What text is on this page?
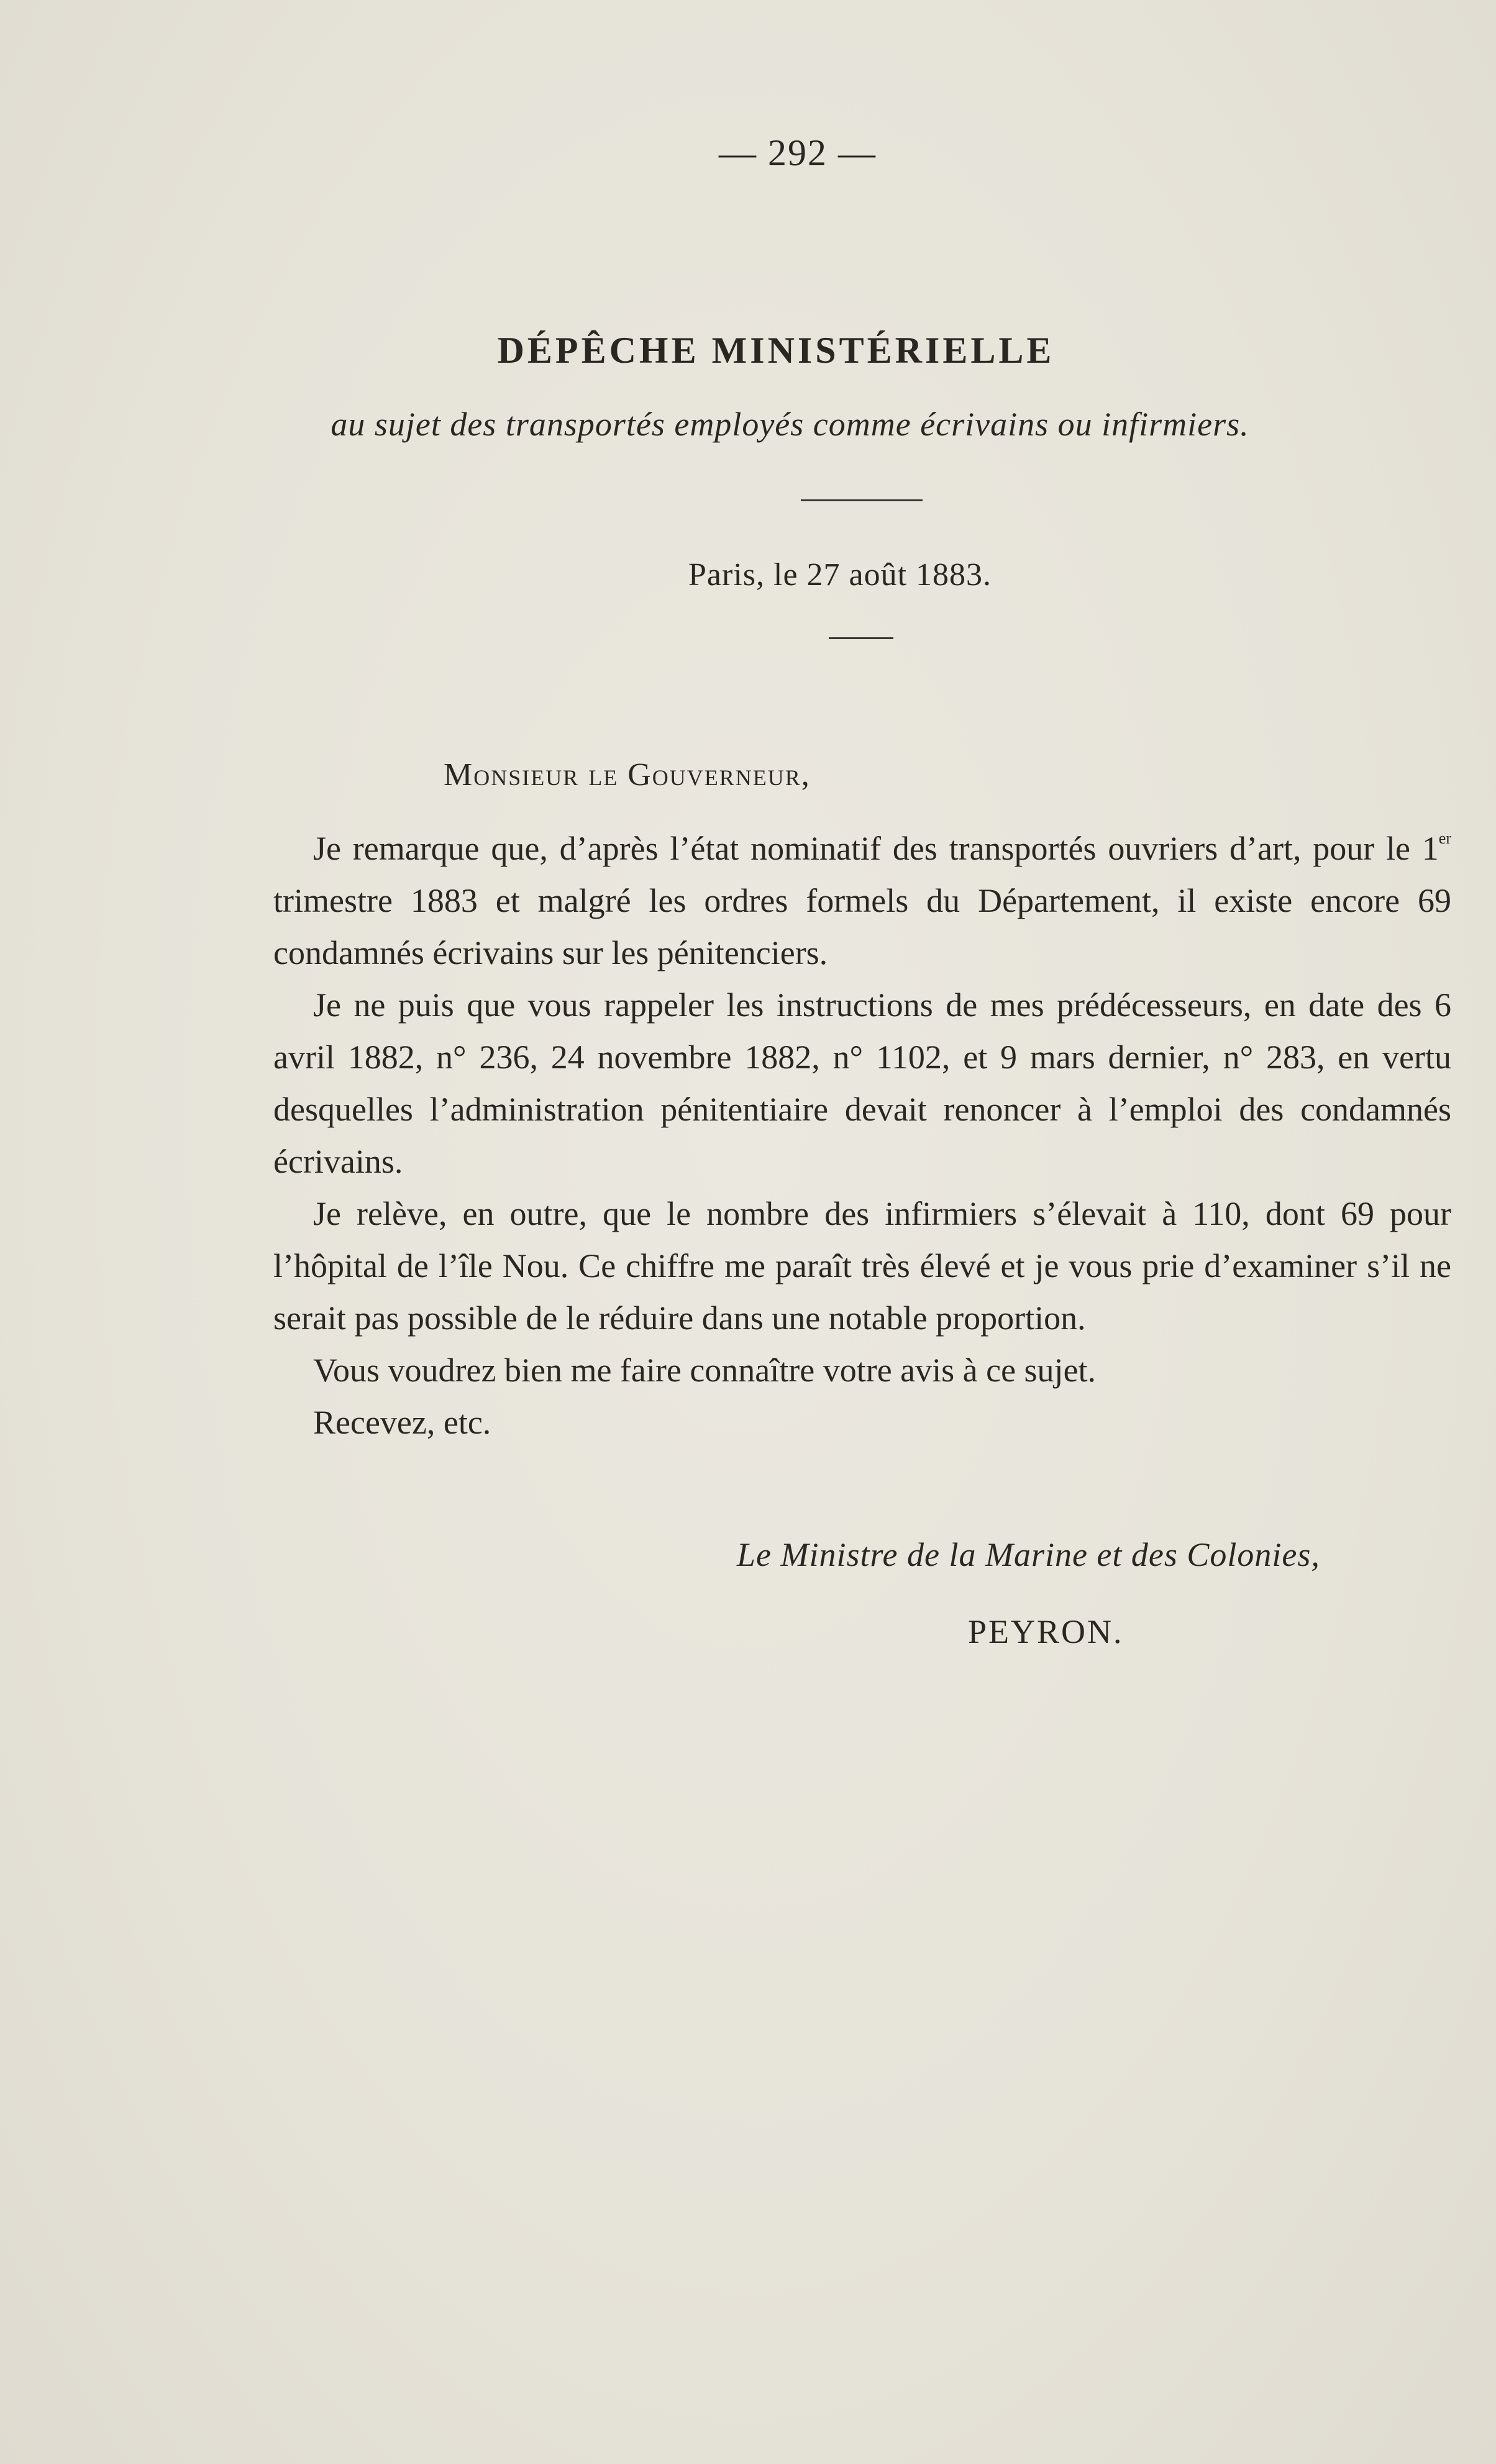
— 292 —
DÉPÊCHE MINISTÉRIELLE
au sujet des transportés employés comme écrivains ou infirmiers.
Paris, le 27 août 1883.
Monsieur le Gouverneur,

Je remarque que, d’après l’état nominatif des transportés ouvriers d’art, pour le 1er trimestre 1883 et malgré les ordres formels du Département, il existe encore 69 condamnés écrivains sur les pénitenciers.

Je ne puis que vous rappeler les instructions de mes prédécesseurs, en date des 6 avril 1882, n° 236, 24 novembre 1882, n° 1102, et 9 mars dernier, n° 283, en vertu desquelles l’administration pénitentiaire devait renoncer à l’emploi des condamnés écrivains.

Je relève, en outre, que le nombre des infirmiers s’élevait à 110, dont 69 pour l’hôpital de l’île Nou. Ce chiffre me paraît très élevé et je vous prie d’examiner s’il ne serait pas possible de le réduire dans une notable proportion.

Vous voudrez bien me faire connaître votre avis à ce sujet.

Recevez, etc.

Le Ministre de la Marine et des Colonies,
PEYRON.
